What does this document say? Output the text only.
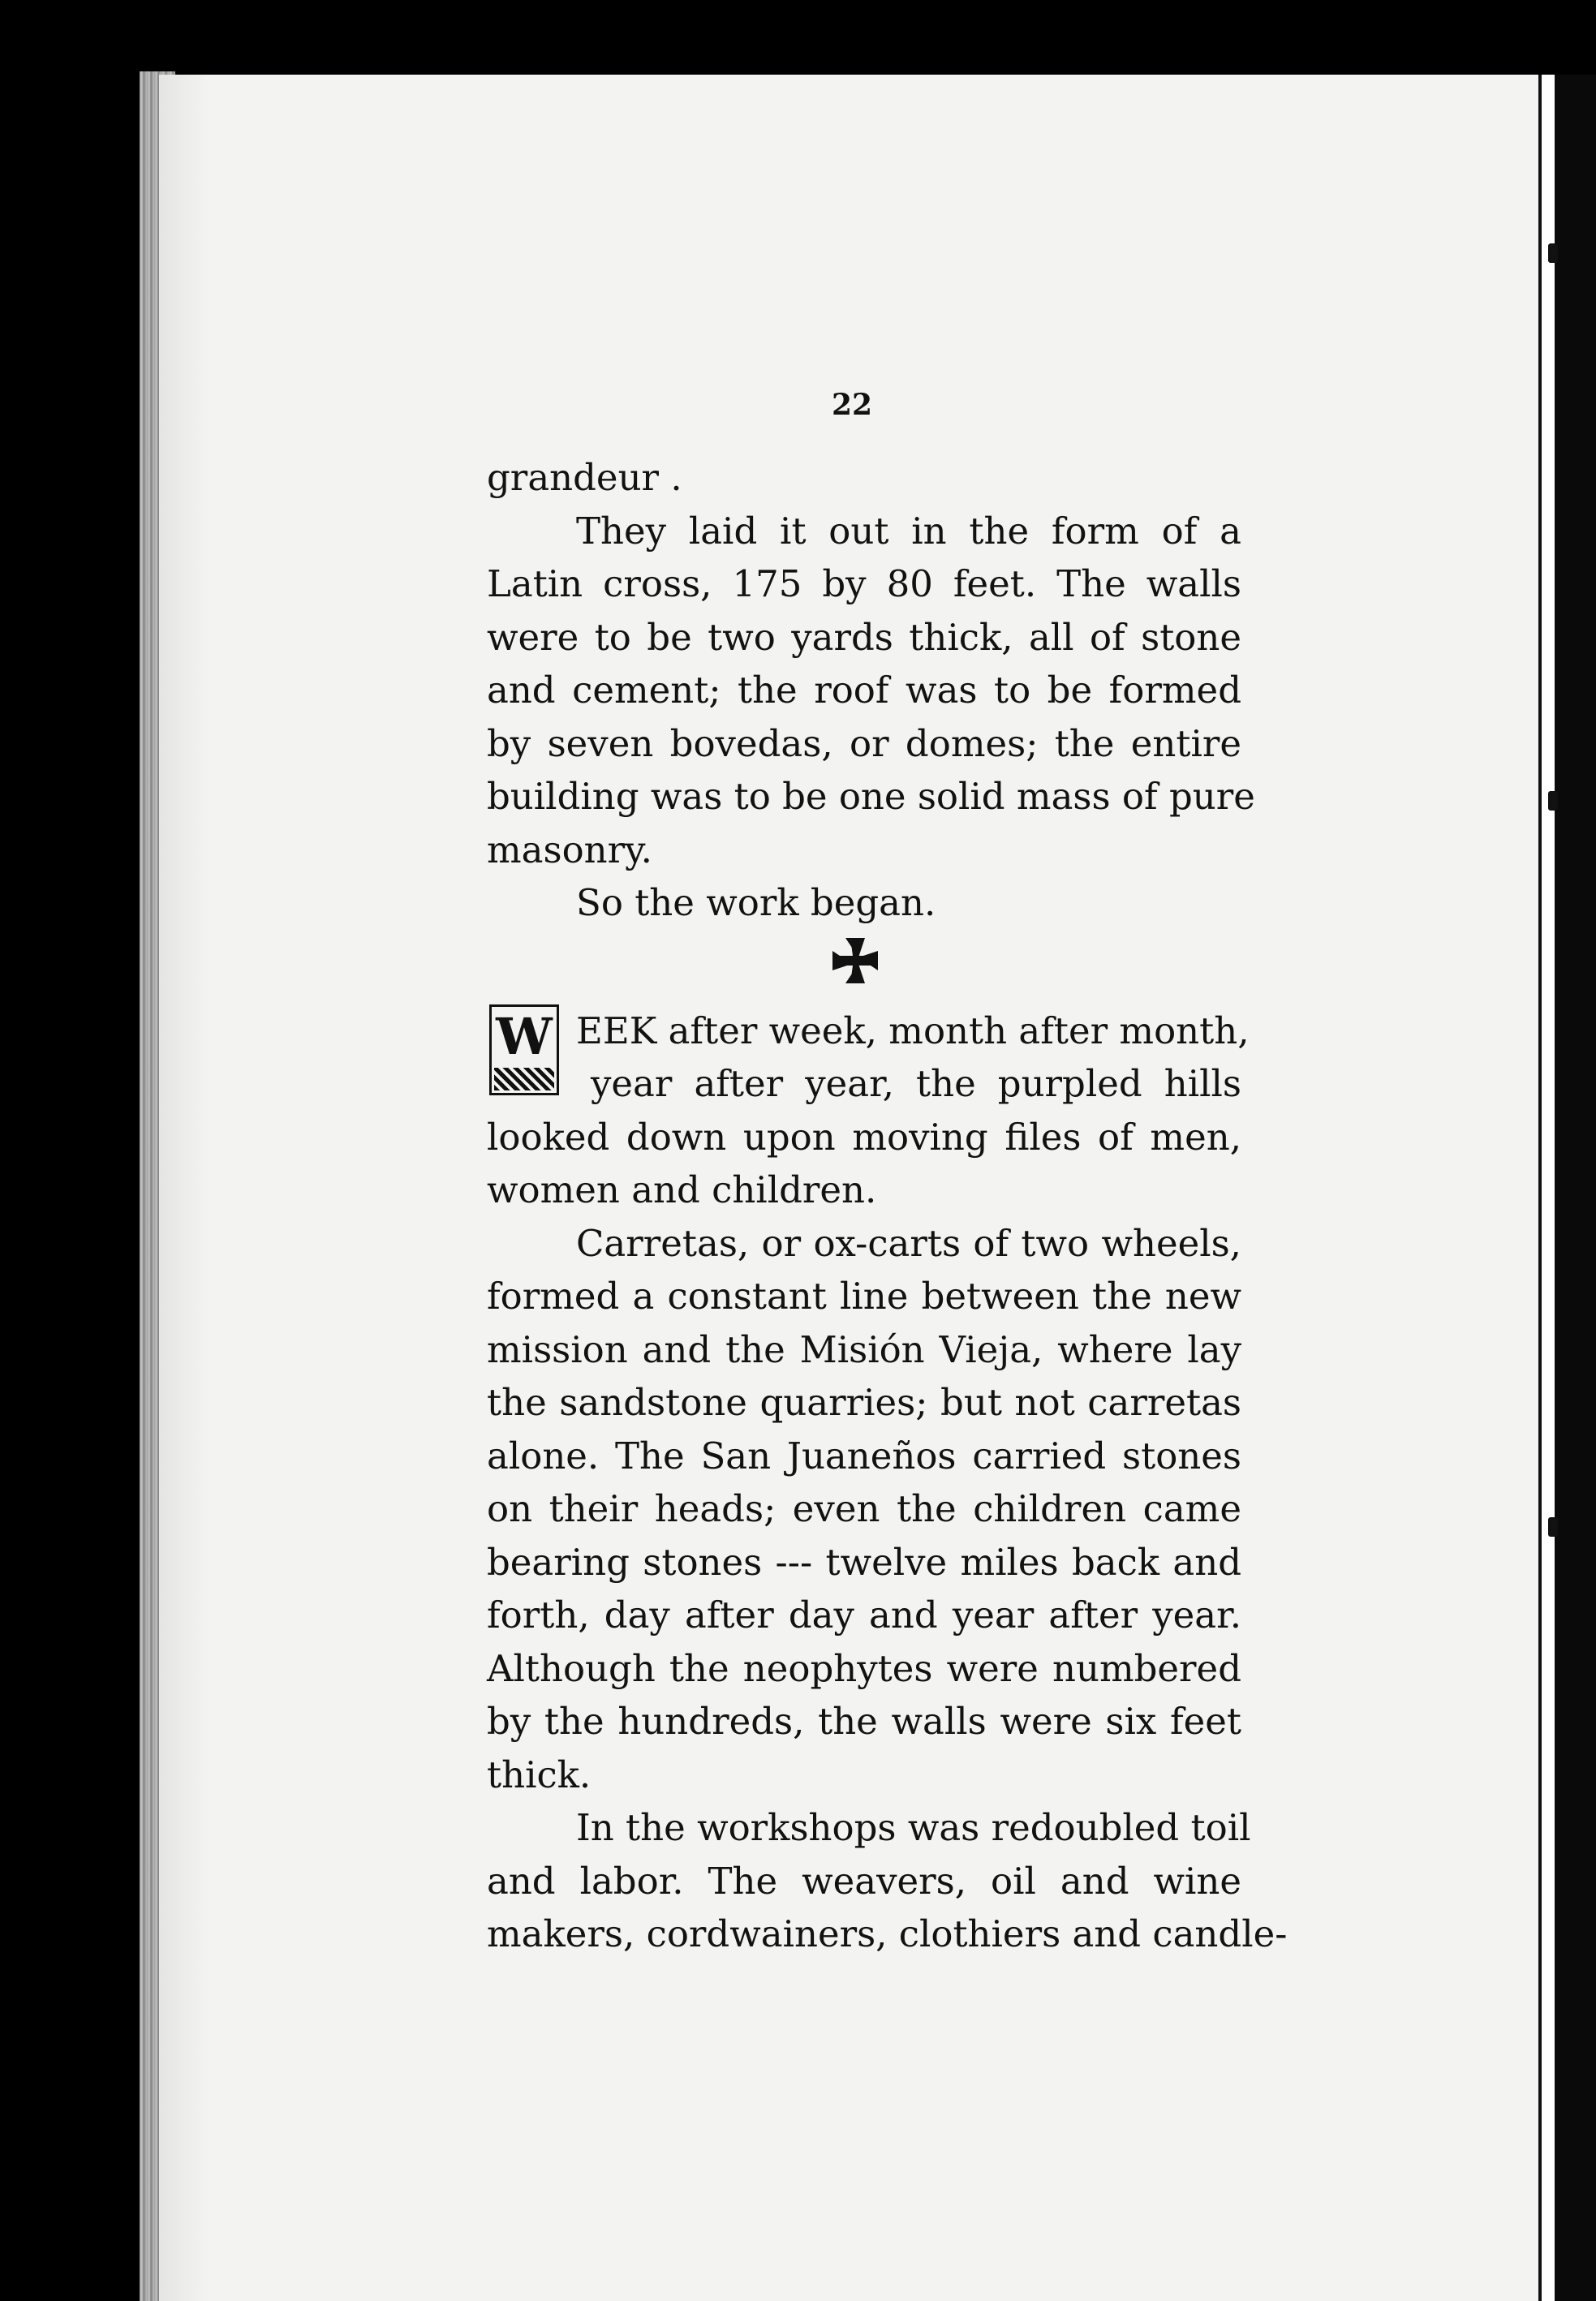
22
grandeur .
They laid it out in the form of a
Latin cross, 175 by 80 feet. The walls
were to be two yards thick, all of stone
and cement; the roof was to be formed
by seven bovedas, or domes; the entire
building was to be one solid mass of pure
masonry.
So the work began.
EEK after week, month after month,
year after year, the purpled hills
looked down upon moving files of men,
women and children.
Carretas, or ox-carts of two wheels,
formed a constant line between the new
mission and the Misión Vieja, where lay
the sandstone quarries; but not carretas
alone. The San Juaneños carried stones
on their heads; even the children came
bearing stones --- twelve miles back and
forth, day after day and year after year.
Although the neophytes were numbered
by the hundreds, the walls were six feet
thick.
In the workshops was redoubled toil
and labor. The weavers, oil and wine
makers, cordwainers, clothiers and candle-
W
